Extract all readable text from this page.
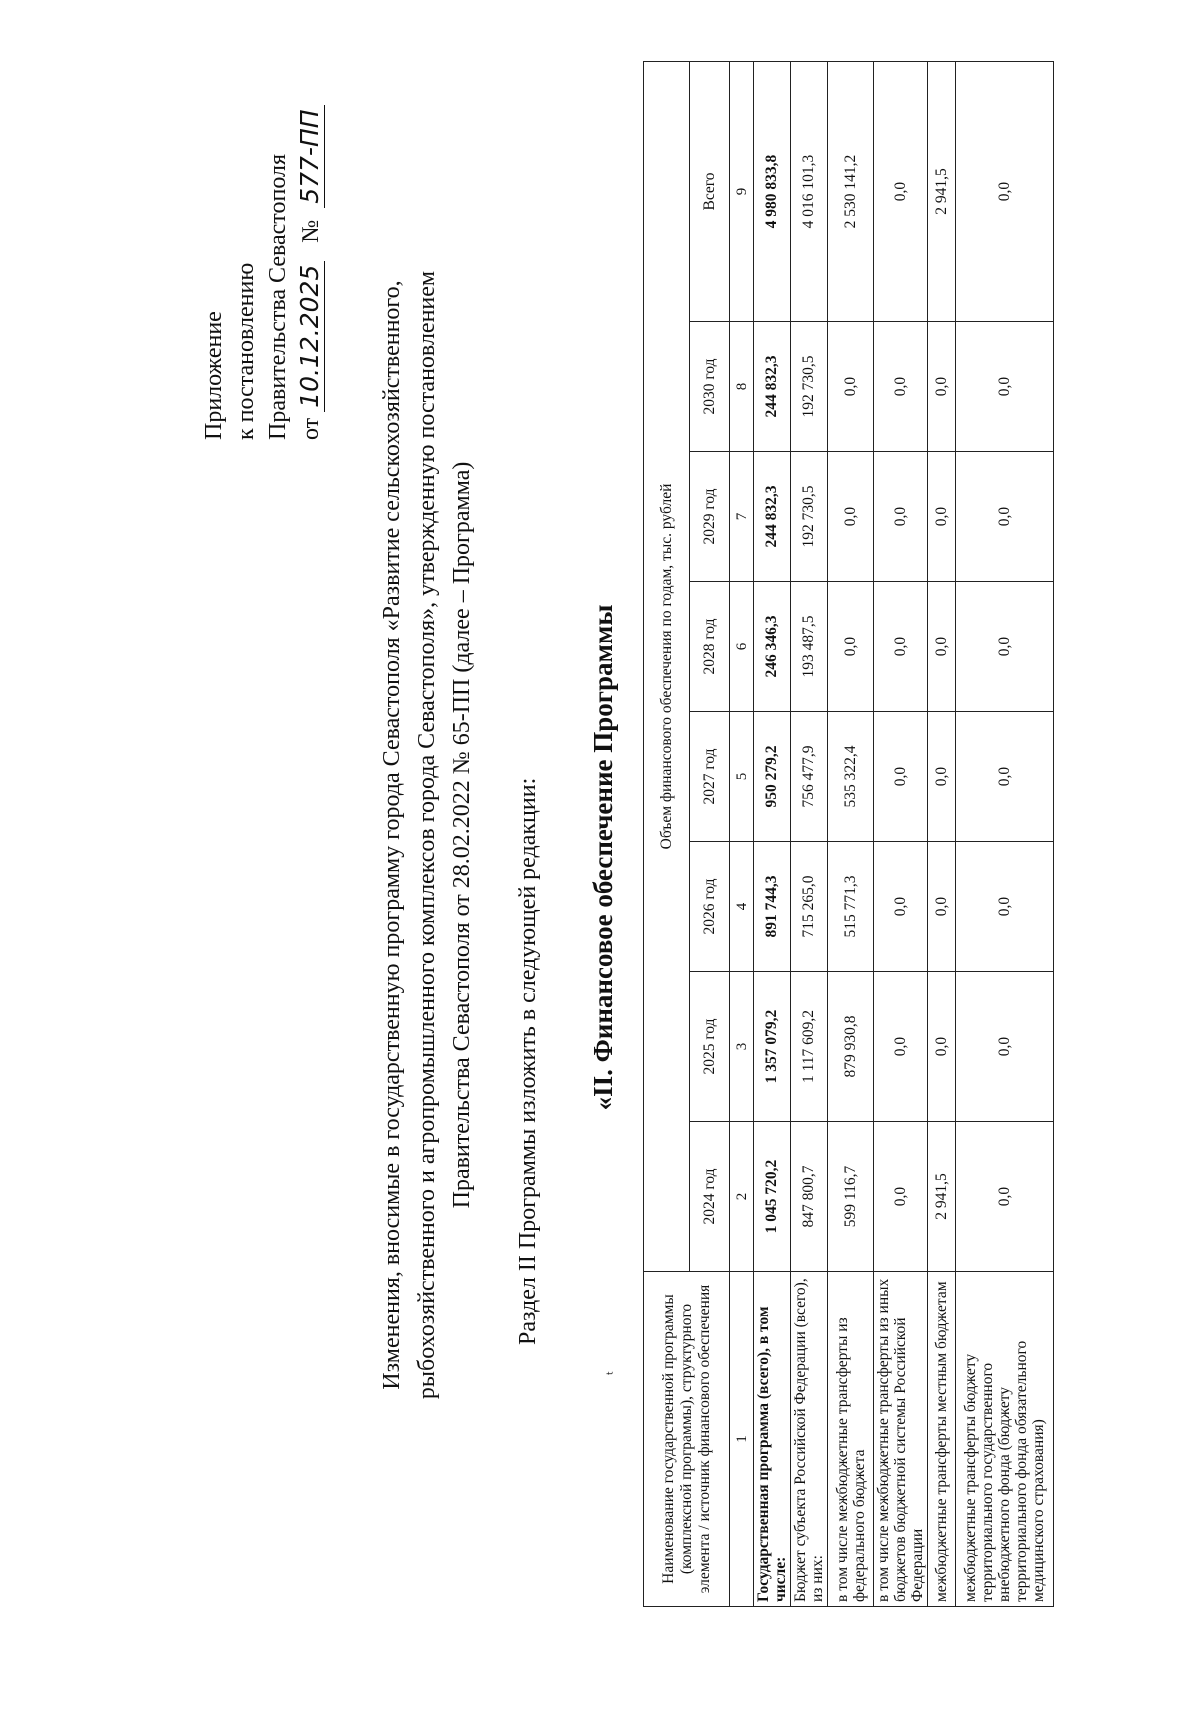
Приложение к постановлению Правительства Севастополя от 10.12.2025 № 577-ПП
Изменения, вносимые в государственную программу города Севастополя «Развитие сельскохозяйственного, рыбохозяйственного и агропромышленного комплексов города Севастополя», утвержденную постановлением Правительства Севастополя от 28.02.2022 № 65-ПП (далее – Программа) Раздел II Программы изложить в следующей редакции:
ᵗ
«II. Финансовое обеспечение Программы
Наименование государственной программы (комплексной программы), структурного элемента / источник финансового обеспечения	Объем финансового обеспечения по годам, тыс. рублей							
	2024 год	2025 год	2026 год	2027 год	2028 год	2029 год	2030 год	Всего
1	2	3	4	5	6	7	8	9
Государственная программа (всего), в том числе:	1 045 720,2	1 357 079,2	891 744,3	950 279,2	246 346,3	244 832,3	244 832,3	4 980 833,8
Бюджет субъекта Российской Федерации (всего), из них:	847 800,7	1 117 609,2	715 265,0	756 477,9	193 487,5	192 730,5	192 730,5	4 016 101,3
в том числе межбюджетные трансферты из федерального бюджета	599 116,7	879 930,8	515 771,3	535 322,4	0,0	0,0	0,0	2 530 141,2
в том числе межбюджетные трансферты из иных бюджетов бюджетной системы Российской Федерации	0,0	0,0	0,0	0,0	0,0	0,0	0,0	0,0
межбюджетные трансферты местным бюджетам	2 941,5	0,0	0,0	0,0	0,0	0,0	0,0	2 941,5
межбюджетные трансферты бюджету территориального государственного внебюджетного фонда (бюджету территориального фонда обязательного медицинского страхования)	0,0	0,0	0,0	0,0	0,0	0,0	0,0	0,0
